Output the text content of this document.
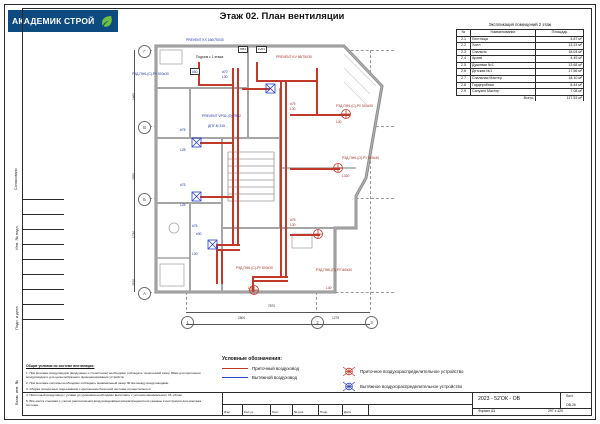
АКАДЕМИК СТРОЙ	Этаж 02. План вентиляции
Инв. № подл.
Подп. и дата
Взам. инв. №
Согласовано
Экспликация помещений 2 этаж
№	Наименование	Площадь
2.1	Лестница	4.87 м²
2.2	Холл	13.23 м²
2.3	Спальня	18.04 м²
2.4	Архив	4.45 м²
2.5	Душевая №1	13.68 м²
2.6	Детская №1	17.56 м²
2.7	Спальная Мастер	18.10 м²
2.8	Гардеробная	8.44 м²
2.9	Санузел Мастер	7.08 м²
	Всего:	117.53 м²
Г
В
Б
А
1	2	3
PREVENT KX 160/75X30
Подъем с 1 этажа
ПВ1	LV01
PREVENT KV 68/75X30
РЗД-ПHК-(С)-РУ 500х30
#50	#70
L30
#75
L25
#75
L25
PREVENT VP32-(О)/75X2
ДПУ-М 315
#30
#75
L30
РЗД-ПНК-(С)-РУ 500х30
L40
РЗД-ПНК-(О)-РУ 500х30
L320
РЗД-ПНК-(С)-РУ 800х30
L80
РЗД-ПНК-(П)-РУ160х30
L40
#75
L30
#75
L30
2800	1275
7870
1660
2550
1730
2150
Условные обозначения:
Приточный воздуховод
Вытяжной воздуховод
Приточное воздухораспределительное устройство
Вытяжное воздухораспределительное устройство
Общие условия по системе вентиляции:

1. При монтаже воздуховодов (воздушных и стен/стенок) необходимо соблюдать технический зазор 30мм для крепления воздуховодов и для целесообразного функционирования устройств.

2. При монтаже системы необходимо соблюдать минимальный зазор 30 мм между воздуховодами.

3. Сборка поперечных подъемников с креплением балочной системы осуществляется.

4. Приточный воздуховод с узлами до уровня/на необходимо выполнять с уклоном минимального 15–20 мм.

5. Все места стыковки с учетом расположения воздуховодов/вентилераспределителя указаны в инструкции для монтажа системы.

Изм.	Кол.уч.	Лист	№ док.	Подп.	Дата
2023 - 52'ОК - ОВ	Лист
ОВ-26
Формат A3	297 х 420
